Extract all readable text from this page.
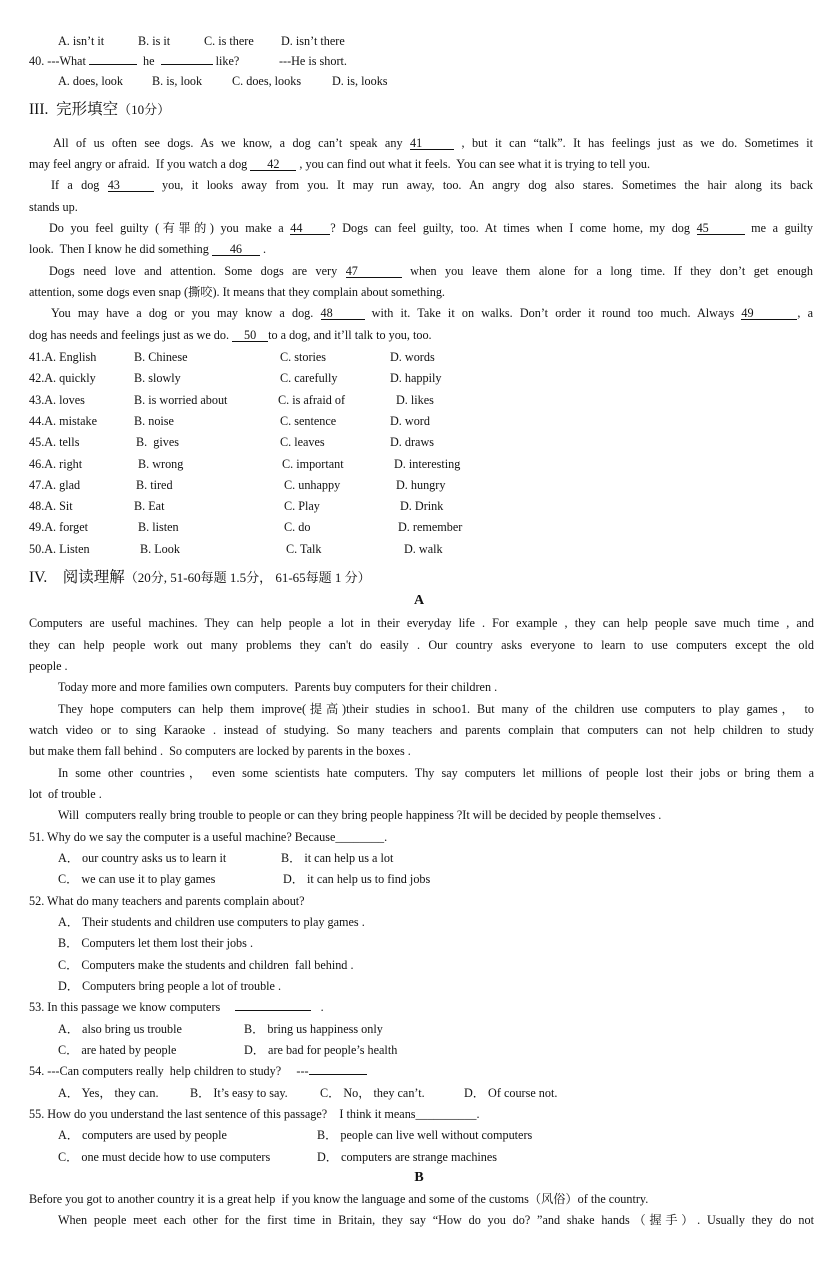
A. isn’t it	B. is it	C. is there D. isn’t there
40. ---What	he	like?	---He is short.
A. does, look B. is, look C. does, looks	D. is, looks
III.  完形填空（10分）
All of us often see dogs. As we know, a dog can’t speak any 41	, but it can “talk”. It has feelings just as we do. Sometimes it
may feel angry or afraid.  If you watch a dog 42 , you can find out what it feels.  You can see what it is trying to tell you.
If a dog 43	you, it looks away from you. It may run away, too. An angry dog also stares. Sometimes the hair along its back
stands up.
Do you feel guilty (有罪的) you make a 44 ? Dogs can feel guilty, too. At times when I come home, my dog 45	me a guilty
look.  Then I know he did something 46 .
Dogs need love and attention. Some dogs are very 47	when you leave them alone for a long time. If they don’t get enough
attention, some dogs even snap (撕咬). It means that they complain about something.
You may have a dog or you may know a dog. 48	with it. Take it on walks. Don’t order it round too much. Always 49	, a
dog has needs and feelings just as we do. 50 to a dog, and it’ll talk to you, too.
41.A. English	B. Chinese	C. stories	D. words
42.A. quickly	B. slowly	C. carefully	D. happily
43.A. loves	B. is worried about	C. is afraid of	D. likes
44.A. mistake	B. noise	C. sentence	D. word
45.A. tells	B.  gives	C. leaves	D. draws
46.A. right	B. wrong	C. important	D. interesting
47.A. glad	B. tired	C. unhappy	D. hungry
48.A. Sit	B. Eat	C. Play	D. Drink
49.A. forget	B. listen	C. do	D. remember
50.A. Listen	B. Look	C. Talk	D. walk
IV.    阅读理解（20分, 51-60每题 1.5分， 61-65每题 1 分）
A
Computers are useful machines. They can help people a lot in their everyday life . For example , they can help people save much time , and
they can help people work out many problems they can't do easily . Our country asks everyone to learn to use computers except the old
people .
Today more and more families own computers.  Parents buy computers for their children .
They hope computers can help them improve(提高)their studies in schoo1. But many of the children use computers to play games， to
watch video or to sing Karaoke . instead of studying. So many teachers and parents complain that computers can not help children to study
but make them fall behind .  So computers are locked by parents in the boxes .
In some other countries， even some scientists hate computers. Thy say computers let millions of people lost their jobs or bring them a
lot  of trouble .
Will  computers really bring trouble to people or can they bring people happiness ?It will be decided by people themselves .
51. Why do we say the computer is a useful machine? Because________.
A． our country asks us to learn it	B． it can help us a lot
C． we can use it to play games	D． it can help us to find jobs
52. What do many teachers and parents complain about?
A． Their students and children use computers to play games .
B． Computers let them lost their jobs .
C． Computers make the students and children  fall behind .
D． Computers bring people a lot of trouble .
53. In this passage we know computers	.
A． also bring us trouble	B． bring us happiness only
C． are hated by people	D． are bad for people’s health
54. ---Can computers really  help children to study? ---
A． Yes， they can.	B． It’s easy to say.	C． No， they can’t.	D． Of course not.
55. How do you understand the last sentence of this passage?    I think it means__________.
A． computers are used by people	B． people can live well without computers
C． one must decide how to use computers	D． computers are strange machines
B
Before you got to another country it is a great help  if you know the language and some of the customs（风俗）of the country.
When people meet each other for the first time in Britain, they say “How do you do? ”and shake hands（握手）. Usually they do not
